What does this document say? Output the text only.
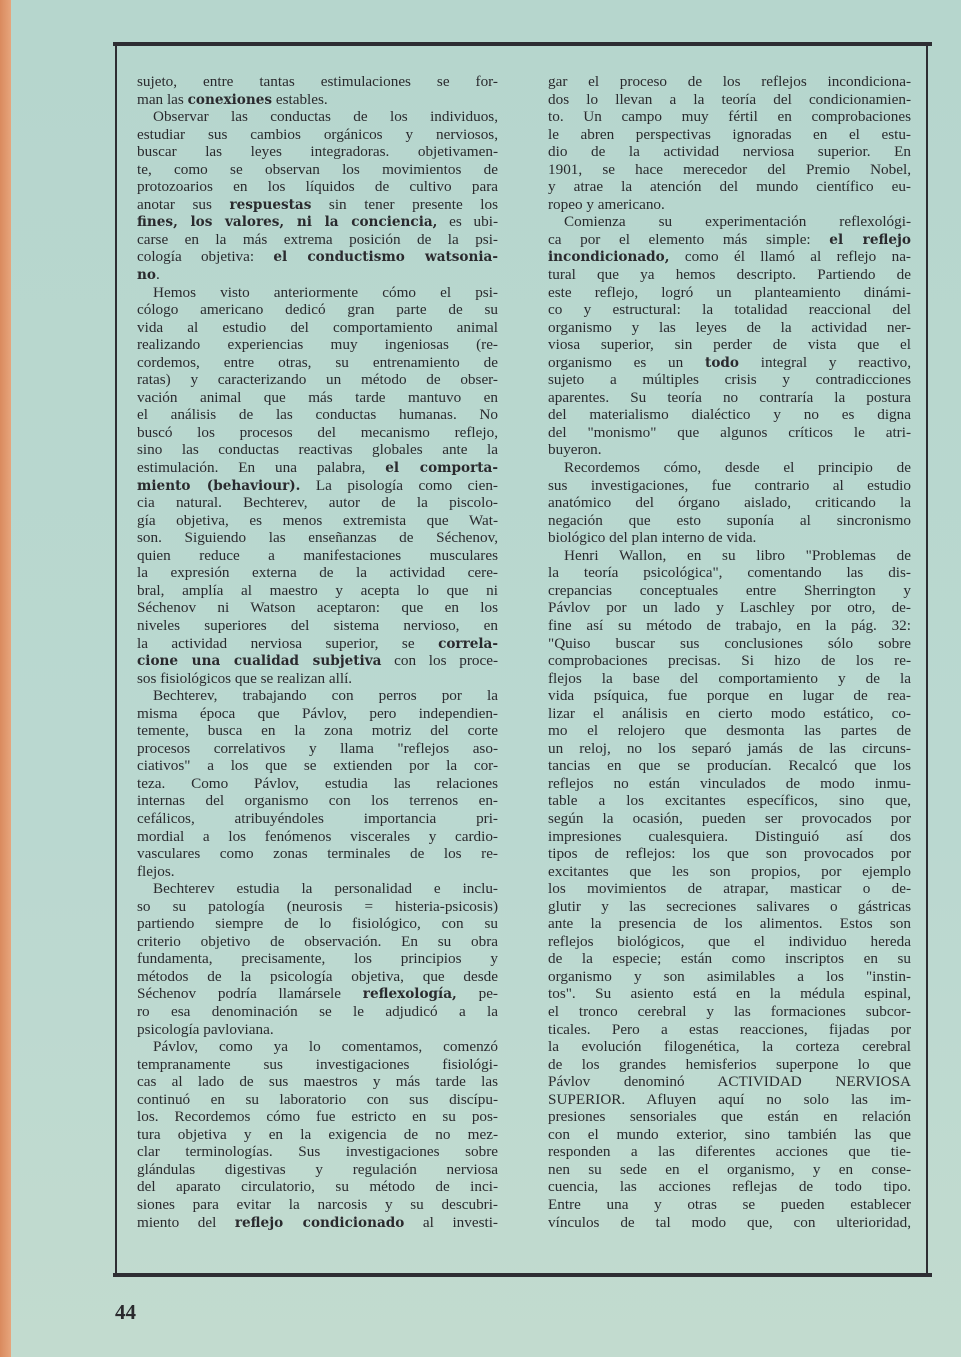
sujeto, entre tantas estimulaciones se for-
man las conexiones estables.
Observar las conductas de los individuos,
estudiar sus cambios orgánicos y nerviosos,
buscar las leyes integradoras. objetivamen-
te, como se observan los movimientos de
protozoarios en los líquidos de cultivo para
anotar sus respuestas sin tener presente los
fines, los valores, ni la conciencia, es ubi-
carse en la más extrema posición de la psi-
cología objetiva: el conductismo watsonia-
no.
Hemos visto anteriormente cómo el psi-
cólogo americano dedicó gran parte de su
vida al estudio del comportamiento animal
realizando experiencias muy ingeniosas (re-
cordemos, entre otras, su entrenamiento de
ratas) y caracterizando un método de obser-
vación animal que más tarde mantuvo en
el análisis de las conductas humanas. No
buscó los procesos del mecanismo reflejo,
sino las conductas reactivas globales ante la
estimulación. En una palabra, el comporta-
miento (behaviour). La pisología como cien-
cia natural. Bechterev, autor de la piscolo-
gía objetiva, es menos extremista que Wat-
son. Siguiendo las enseñanzas de Séchenov,
quien reduce a manifestaciones musculares
la expresión externa de la actividad cere-
bral, amplía al maestro y acepta lo que ni
Séchenov ni Watson aceptaron: que en los
niveles superiores del sistema nervioso, en
la actividad nerviosa superior, se correla-
cione una cualidad subjetiva con los proce-
sos fisiológicos que se realizan allí.
Bechterev, trabajando con perros por la
misma época que Pávlov, pero independien-
temente, busca en la zona motriz del corte
procesos correlativos y llama "reflejos aso-
ciativos" a los que se extienden por la cor-
teza. Como Pávlov, estudia las relaciones
internas del organismo con los terrenos en-
cefálicos, atribuyéndoles importancia pri-
mordial a los fenómenos viscerales y cardio-
vasculares como zonas terminales de los re-
flejos.
Bechterev estudia la personalidad e inclu-
so su patología (neurosis = histeria-psicosis)
partiendo siempre de lo fisiológico, con su
criterio objetivo de observación. En su obra
fundamenta, precisamente, los principios y
métodos de la psicología objetiva, que desde
Séchenov podría llamársele reflexología, pe-
ro esa denominación se le adjudicó a la
psicología pavloviana.
Pávlov, como ya lo comentamos, comenzó
tempranamente sus investigaciones fisiológi-
cas al lado de sus maestros y más tarde las
continuó en su laboratorio con sus discípu-
los. Recordemos cómo fue estricto en su pos-
tura objetiva y en la exigencia de no mez-
clar terminologías. Sus investigaciones sobre
glándulas digestivas y regulación nerviosa
del aparato circulatorio, su método de inci-
siones para evitar la narcosis y su descubri-
miento del reflejo condicionado al investi-
gar el proceso de los reflejos incondiciona-
dos lo llevan a la teoría del condicionamien-
to. Un campo muy fértil en comprobaciones
le abren perspectivas ignoradas en el estu-
dio de la actividad nerviosa superior. En
1901, se hace merecedor del Premio Nobel,
y atrae la atención del mundo científico eu-
ropeo y americano.
Comienza su experimentación reflexológi-
ca por el elemento más simple: el reflejo
incondicionado, como él llamó al reflejo na-
tural que ya hemos descripto. Partiendo de
este reflejo, logró un planteamiento dinámi-
co y estructural: la totalidad reaccional del
organismo y las leyes de la actividad ner-
viosa superior, sin perder de vista que el
organismo es un todo integral y reactivo,
sujeto a múltiples crisis y contradicciones
aparentes. Su teoría no contraría la postura
del materialismo dialéctico y no es digna
del "monismo" que algunos críticos le atri-
buyeron.
Recordemos cómo, desde el principio de
sus investigaciones, fue contrario al estudio
anatómico del órgano aislado, criticando la
negación que esto suponía al sincronismo
biológico del plan interno de vida.
Henri Wallon, en su libro "Problemas de
la teoría psicológica", comentando las dis-
crepancias conceptuales entre Sherrington y
Pávlov por un lado y Laschley por otro, de-
fine así su método de trabajo, en la pág. 32:
"Quiso buscar sus conclusiones sólo sobre
comprobaciones precisas. Si hizo de los re-
flejos la base del comportamiento y de la
vida psíquica, fue porque en lugar de rea-
lizar el análisis en cierto modo estático, co-
mo el relojero que desmonta las partes de
un reloj, no los separó jamás de las circuns-
tancias en que se producían. Recalcó que los
reflejos no están vinculados de modo inmu-
table a los excitantes específicos, sino que,
según la ocasión, pueden ser provocados por
impresiones cualesquiera. Distinguió así dos
tipos de reflejos: los que son provocados por
excitantes que les son propios, por ejemplo
los movimientos de atrapar, masticar o de-
glutir y las secreciones salivares o gástricas
ante la presencia de los alimentos. Estos son
reflejos biológicos, que el individuo hereda
de la especie; están como inscriptos en su
organismo y son asimilables a los "instin-
tos". Su asiento está en la médula espinal,
el tronco cerebral y las formaciones subcor-
ticales. Pero a estas reacciones, fijadas por
la evolución filogenética, la corteza cerebral
de los grandes hemisferios superpone lo que
Pávlov denominó ACTIVIDAD NERVIOSA
SUPERIOR. Afluyen aquí no solo las im-
presiones sensoriales que están en relación
con el mundo exterior, sino también las que
responden a las diferentes acciones que tie-
nen su sede en el organismo, y en conse-
cuencia, las acciones reflejas de todo tipo.
Entre una y otras se pueden establecer
vínculos de tal modo que, con ulterioridad,
44
